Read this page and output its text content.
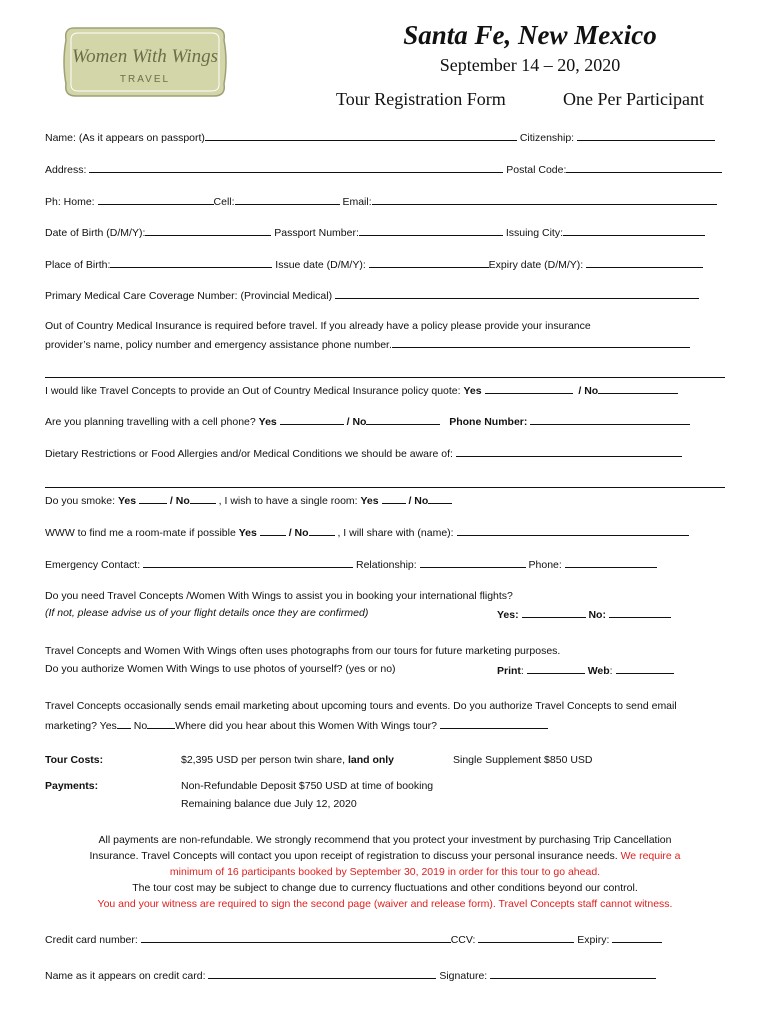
Women With Wings
TRAVEL
Santa Fe, New Mexico
September 14 – 20, 2020
Tour Registration Form	One Per Participant
Name: (As it appears on passport)	Citizenship:
Address:	Postal Code:
Ph: Home:	Cell:	Email:
Date of Birth (D/M/Y):	Passport Number:	Issuing City:
Place of Birth:	Issue date (D/M/Y):	Expiry date (D/M/Y):
Primary Medical Care Coverage Number: (Provincial Medical)
Out of Country Medical Insurance is required before travel. If you already have a policy please provide your insurance
provider’s name, policy number and emergency assistance phone number.
I would like Travel Concepts to provide an Out of Country Medical Insurance policy quote: Yes	/ No
Are you planning travelling with a cell phone? Yes	/ No	Phone Number:
Dietary Restrictions or Food Allergies and/or Medical Conditions we should be aware of:
Do you smoke: Yes	/ No	, I wish to have a single room: Yes	/ No
WWW to find me a room-mate if possible Yes	/ No	, I will share with (name):
Emergency Contact:	Relationship:	Phone:
Do you need Travel Concepts /Women With Wings to assist you in booking your international flights?
(If not, please advise us of your flight details once they are confirmed)	Yes:	No:
Travel Concepts and Women With Wings often uses photographs from our tours for future marketing purposes.
Do you authorize Women With Wings to use photos of yourself? (yes or no)	Print:	Web:
Travel Concepts occasionally sends email marketing about upcoming tours and events. Do you authorize Travel Concepts to send email
marketing? Yes No	Where did you hear about this Women With Wings tour?
Tour Costs:	$2,395 USD per person twin share, land only	Single Supplement $850 USD
Payments:	Non-Refundable Deposit $750 USD at time of booking
Remaining balance due July 12, 2020
All payments are non-refundable. We strongly recommend that you protect your investment by purchasing Trip Cancellation
Insurance. Travel Concepts will contact you upon receipt of registration to discuss your personal insurance needs. We require a
minimum of 16 participants booked by September 30, 2019 in order for this tour to go ahead.
The tour cost may be subject to change due to currency fluctuations and other conditions beyond our control.
You and your witness are required to sign the second page (waiver and release form). Travel Concepts staff cannot witness.
Credit card number:	CCV:	Expiry:
Name as it appears on credit card:	Signature:
